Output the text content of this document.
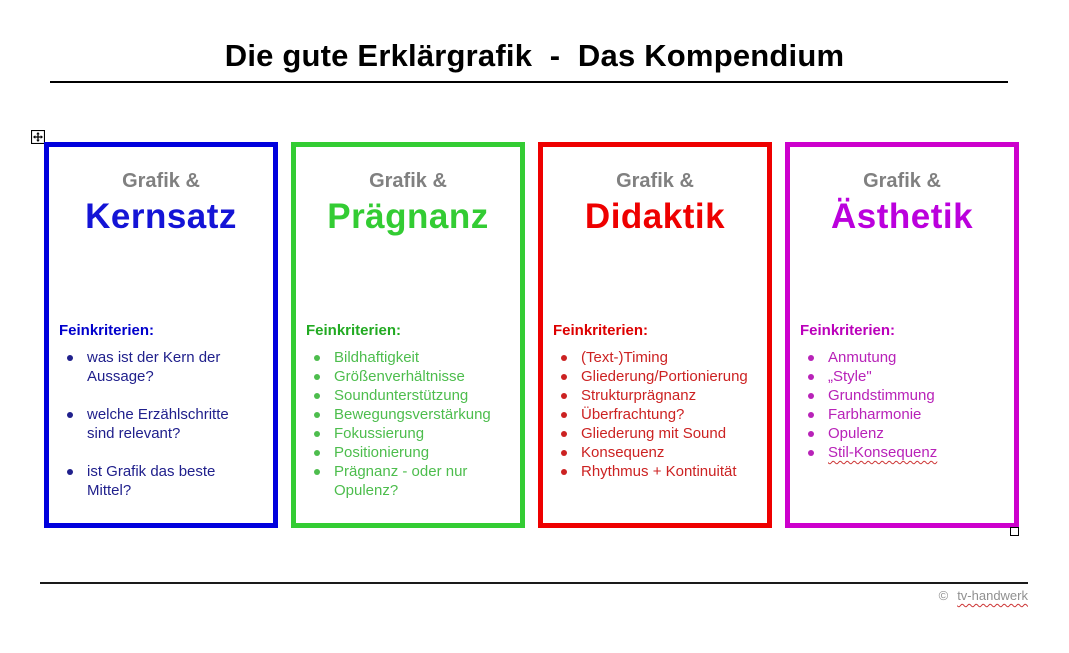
Die gute Erklärgrafik  -  Das Kompendium
Grafik &
Kernsatz
Feinkriterien:
was ist der Kern der Aussage?
welche Erzählschritte sind relevant?
ist Grafik das beste Mittel?
Grafik &
Prägnanz
Feinkriterien:
Bildhaftigkeit
Größenverhältnisse
Soundunterstützung
Bewegungsverstärkung
Fokussierung
Positionierung
Prägnanz - oder nur Opulenz?
Grafik &
Didaktik
Feinkriterien:
(Text-)Timing
Gliederung/Portionierung
Strukturprägnanz
Überfrachtung?
Gliederung mit Sound
Konsequenz
Rhythmus + Kontinuität
Grafik &
Ästhetik
Feinkriterien:
Anmutung
„Style"
Grundstimmung
Farbharmonie
Opulenz
Stil-Konsequenz
© tv-handwerk
